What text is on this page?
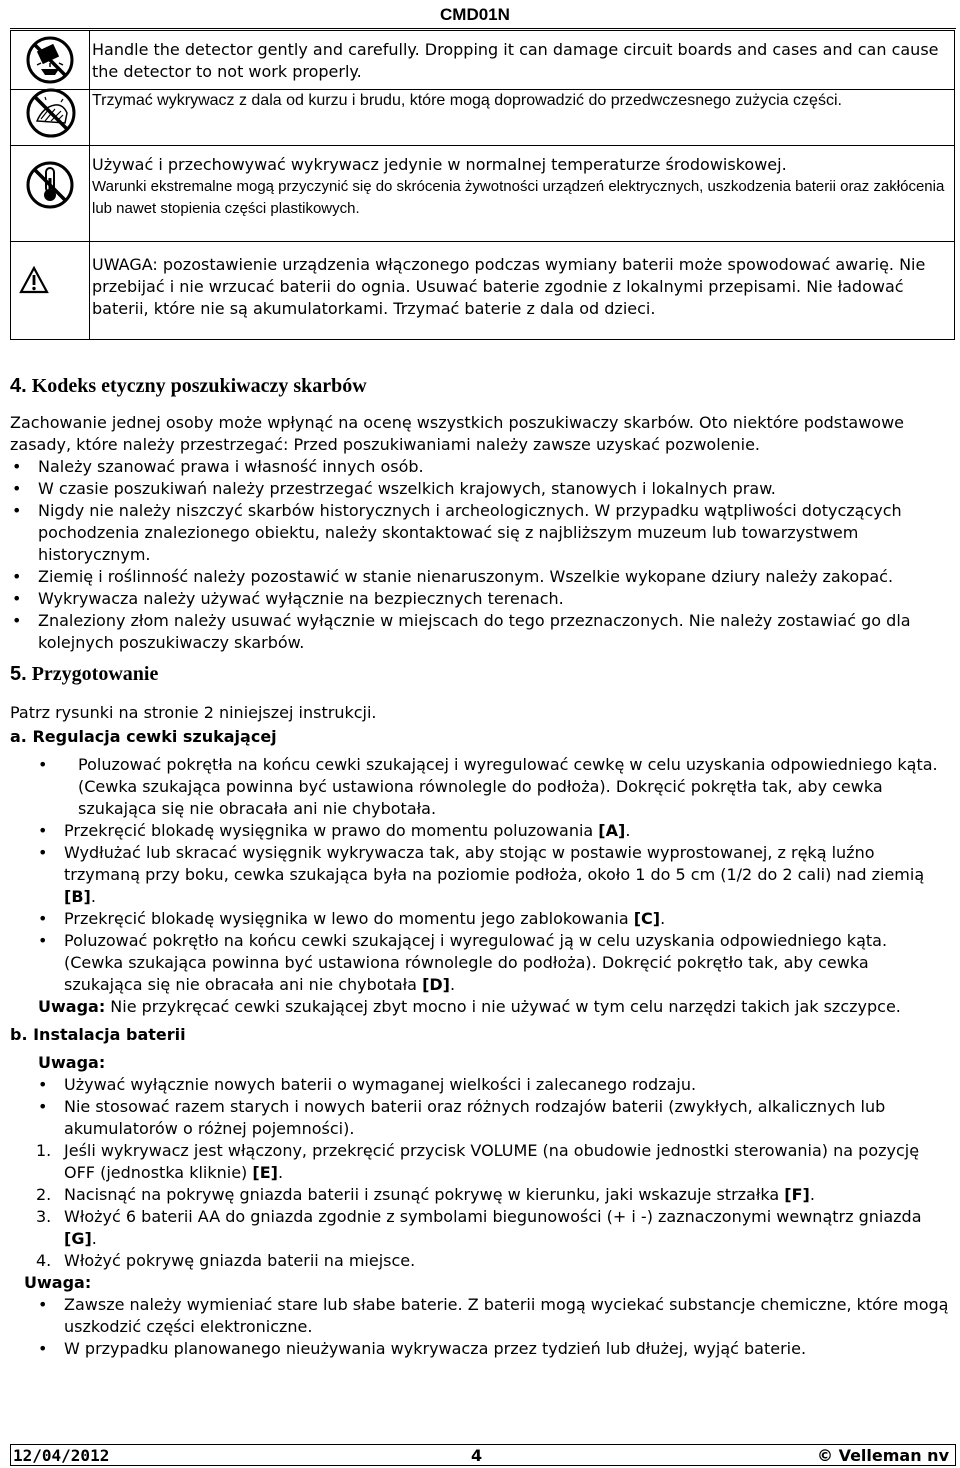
CMD01N

Handle the detector gently and carefully. Dropping it can damage circuit boards and cases and can cause the detector to not work properly.

Trzymać wykrywacz z dala od kurzu i brudu, które mogą doprowadzić do przedwczesnego zużycia części.

Używać i przechowywać wykrywacz jedynie w normalnej temperaturze środowiskowej.

Warunki ekstremalne mogą przyczynić się do skrócenia żywotności urządzeń elektrycznych, uszkodzenia baterii oraz zakłócenia lub nawet stopienia części plastikowych.

UWAGA: pozostawienie urządzenia włączonego podczas wymiany baterii może spowodować awarię. Nie przebijać i nie wrzucać baterii do ognia. Usuwać baterie zgodnie z lokalnymi przepisami. Nie ładować baterii, które nie są akumulatorkami. Trzymać baterie z dala od dzieci.

4. Kodeks etyczny poszukiwaczy skarbów

Zachowanie jednej osoby może wpłynąć na ocenę wszystkich poszukiwaczy skarbów. Oto niektóre podstawowe zasady, które należy przestrzegać: Przed poszukiwaniami należy zawsze uzyskać pozwolenie.

• Należy szanować prawa i własność innych osób.
• W czasie poszukiwań należy przestrzegać wszelkich krajowych, stanowych i lokalnych praw.
• Nigdy nie należy niszczyć skarbów historycznych i archeologicznych. W przypadku wątpliwości dotyczących pochodzenia znalezionego obiektu, należy skontaktować się z najbliższym muzeum lub towarzystwem historycznym.
• Ziemię i roślinność należy pozostawić w stanie nienaruszonym. Wszelkie wykopane dziury należy zakopać.
• Wykrywacza należy używać wyłącznie na bezpiecznych terenach.
• Znaleziony złom należy usuwać wyłącznie w miejscach do tego przeznaczonych. Nie należy zostawiać go dla kolejnych poszukiwaczy skarbów.
5. Przygotowanie

Patrz rysunki na stronie 2 niniejszej instrukcji.

a. Regulacja cewki szukającej

• Poluzować pokrętła na końcu cewki szukającej i wyregulować cewkę w celu uzyskania odpowiedniego kąta. (Cewka szukająca powinna być ustawiona równolegle do podłoża). Dokręcić pokrętła tak, aby cewka szukająca się nie obracała ani nie chybotała.
• Przekręcić blokadę wysięgnika w prawo do momentu poluzowania [A].
• Wydłużać lub skracać wysięgnik wykrywacza tak, aby stojąc w postawie wyprostowanej, z ręką luźno trzymaną przy boku, cewka szukająca była na poziomie podłoża, około 1 do 5 cm (1/2 do 2 cali) nad ziemią [B].
• Przekręcić blokadę wysięgnika w lewo do momentu jego zablokowania [C].
• Poluzować pokrętło na końcu cewki szukającej i wyregulować ją w celu uzyskania odpowiedniego kąta. (Cewka szukająca powinna być ustawiona równolegle do podłoża). Dokręcić pokrętło tak, aby cewka szukająca się nie obracała ani nie chybotała [D].

Uwaga: Nie przykręcać cewki szukającej zbyt mocno i nie używać w tym celu narzędzi takich jak szczypce.

b. Instalacja baterii

Uwaga:

• Używać wyłącznie nowych baterii o wymaganej wielkości i zalecanego rodzaju.
• Nie stosować razem starych i nowych baterii oraz różnych rodzajów baterii (zwykłych, alkalicznych lub akumulatorów o różnej pojemności).
1. Jeśli wykrywacz jest włączony, przekręcić przycisk VOLUME (na obudowie jednostki sterowania) na pozycję OFF (jednostka kliknie) [E].
2. Nacisnąć na pokrywę gniazda baterii i zsunąć pokrywę w kierunku, jaki wskazuje strzałka [F].
3. Włożyć 6 baterii AA do gniazda zgodnie z symbolami biegunowości (+ i -) zaznaczonymi wewnątrz gniazda [G].
4. Włożyć pokrywę gniazda baterii na miejsce.

Uwaga:

• Zawsze należy wymieniać stare lub słabe baterie. Z baterii mogą wyciekać substancje chemiczne, które mogą uszkodzić części elektroniczne.
• W przypadku planowanego nieużywania wykrywacza przez tydzień lub dłużej, wyjąć baterie.
12/04/2012	4	© Velleman nv
